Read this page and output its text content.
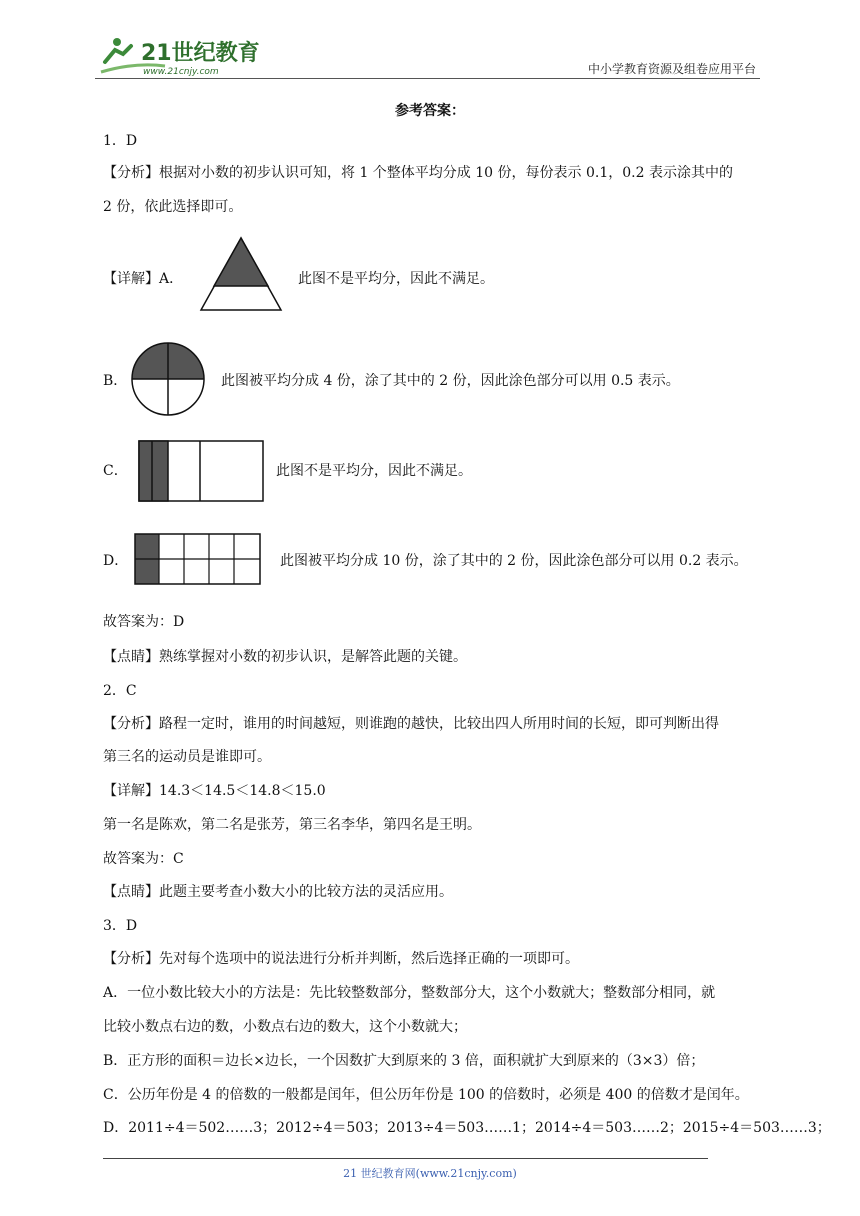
21世纪教育
www.21cnjy.com	中小学教育资源及组卷应用平台
参考答案：
1．D
【分析】根据对小数的初步认识可知，将 1 个整体平均分成 10 份，每份表示 0.1，0.2 表示涂其中的
2 份，依此选择即可。
【详解】A．	此图不是平均分，因此不满足。
B．	此图被平均分成 4 份，涂了其中的 2 份，因此涂色部分可以用 0.5 表示。
C．	此图不是平均分，因此不满足。
D．	此图被平均分成 10 份，涂了其中的 2 份，因此涂色部分可以用 0.2 表示。
故答案为：D
【点睛】熟练掌握对小数的初步认识，是解答此题的关键。
2．C
【分析】路程一定时，谁用的时间越短，则谁跑的越快，比较出四人所用时间的长短，即可判断出得
第三名的运动员是谁即可。
【详解】14.3＜14.5＜14.8＜15.0
第一名是陈欢，第二名是张芳，第三名李华，第四名是王明。
故答案为：C
【点睛】此题主要考查小数大小的比较方法的灵活应用。
3．D
【分析】先对每个选项中的说法进行分析并判断，然后选择正确的一项即可。
A．一位小数比较大小的方法是：先比较整数部分，整数部分大，这个小数就大；整数部分相同，就
比较小数点右边的数，小数点右边的数大，这个小数就大；
B．正方形的面积＝边长×边长，一个因数扩大到原来的 3 倍，面积就扩大到原来的（3×3）倍；
C．公历年份是 4 的倍数的一般都是闰年，但公历年份是 100 的倍数时，必须是 400 的倍数才是闰年。
D．2011÷4＝502……3；2012÷4＝503；2013÷4＝503……1；2014÷4＝503……2；2015÷4＝503……3；
21 世纪教育网(www.21cnjy.com)
